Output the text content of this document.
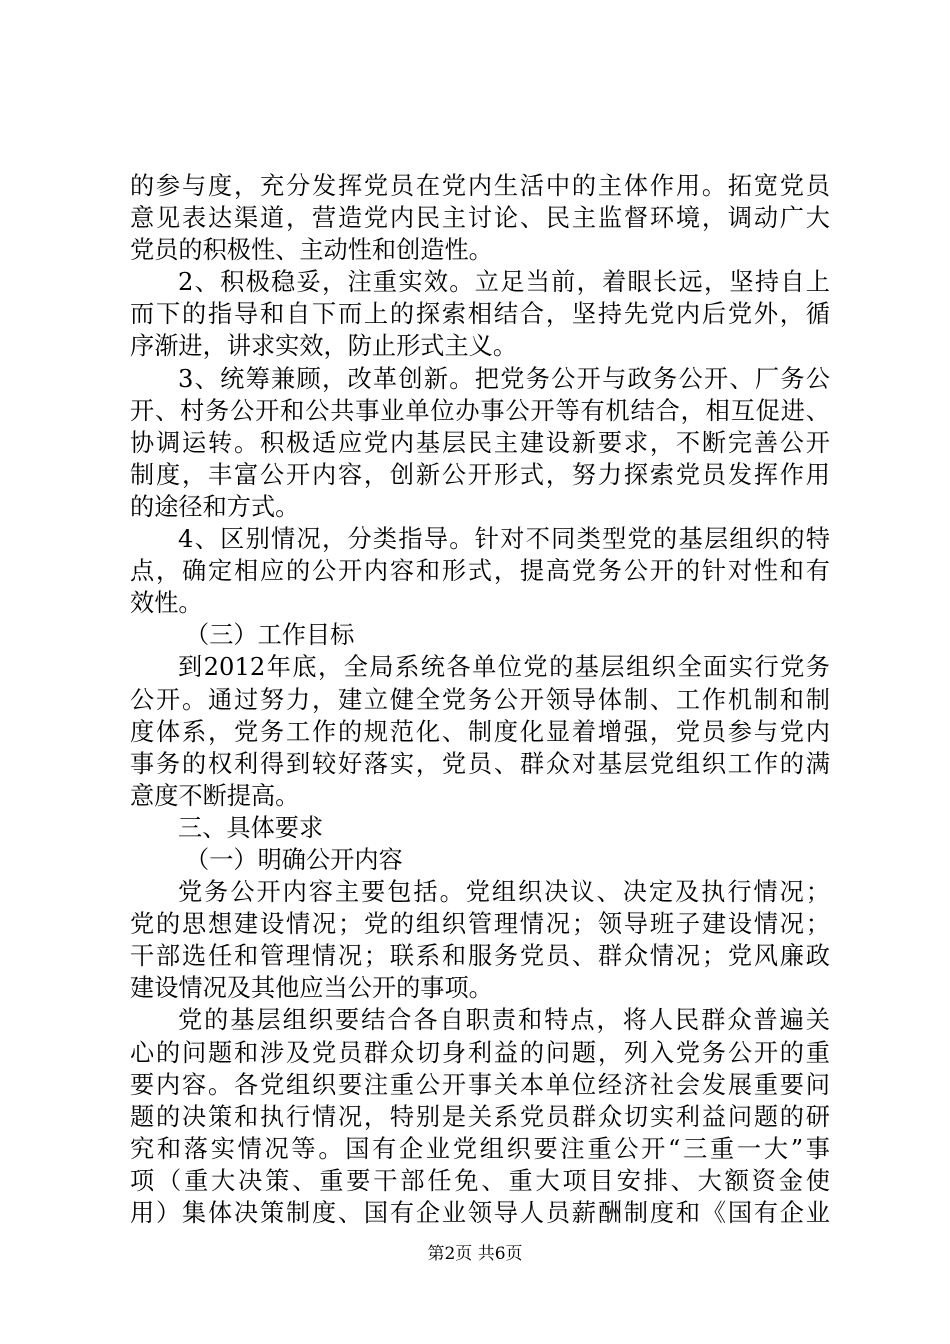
的参与度，充分发挥党员在党内生活中的主体作用。拓宽党员
意见表达渠道，营造党内民主讨论、民主监督环境，调动广大
党员的积极性、主动性和创造性。
2、积极稳妥，注重实效。立足当前，着眼长远，坚持自上
而下的指导和自下而上的探索相结合，坚持先党内后党外，循
序渐进，讲求实效，防止形式主义。
3、统筹兼顾，改革创新。把党务公开与政务公开、厂务公
开、村务公开和公共事业单位办事公开等有机结合，相互促进、
协调运转。积极适应党内基层民主建设新要求，不断完善公开
制度，丰富公开内容，创新公开形式，努力探索党员发挥作用
的途径和方式。
4、区别情况，分类指导。针对不同类型党的基层组织的特
点，确定相应的公开内容和形式，提高党务公开的针对性和有
效性。
（三）工作目标
到2012年底，全局系统各单位党的基层组织全面实行党务
公开。通过努力，建立健全党务公开领导体制、工作机制和制
度体系，党务工作的规范化、制度化显着增强，党员参与党内
事务的权利得到较好落实，党员、群众对基层党组织工作的满
意度不断提高。
三、具体要求
（一）明确公开内容
党务公开内容主要包括。党组织决议、决定及执行情况；
党的思想建设情况；党的组织管理情况；领导班子建设情况；
干部选任和管理情况；联系和服务党员、群众情况；党风廉政
建设情况及其他应当公开的事项。
党的基层组织要结合各自职责和特点，将人民群众普遍关
心的问题和涉及党员群众切身利益的问题，列入党务公开的重
要内容。各党组织要注重公开事关本单位经济社会发展重要问
题的决策和执行情况，特别是关系党员群众切实利益问题的研
究和落实情况等。国有企业党组织要注重公开“三重一大”事
项（重大决策、重要干部任免、重大项目安排、大额资金使
用）集体决策制度、国有企业领导人员薪酬制度和《国有企业
第2页 共6页
